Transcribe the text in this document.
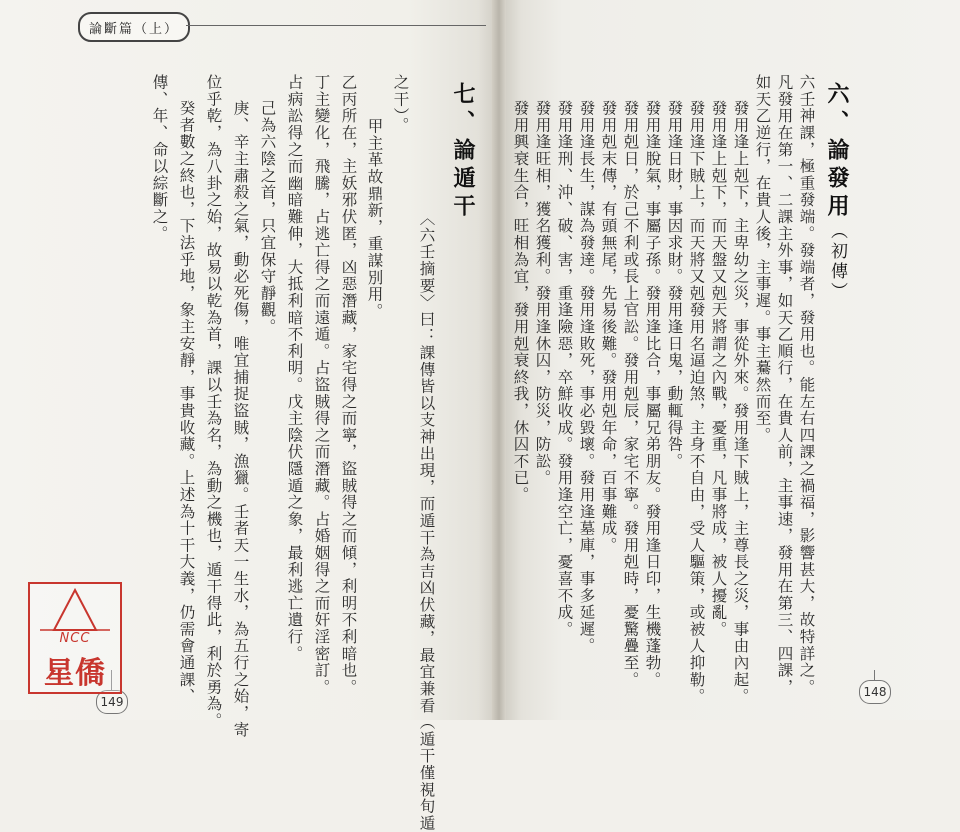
論斷篇（上）
七、論遁干
〈六壬摘要〉曰：課傳皆以支神出現，而遁干為吉凶伏藏，最宜兼看（遁干僅視旬遁
之干）。
甲主革故鼎新，重謀別用。
乙丙所在，主妖邪伏匿，凶惡潛藏，家宅得之而寧，盜賊得之而傾，利明不利暗也。
丁主變化，飛騰，占逃亡得之而遠遁。占盜賊得之而潛藏。占婚姻得之而奸淫密訂。
占病訟得之而幽暗難伸，大抵利暗不利明。戊主陰伏隱遁之象，最利逃亡遺行。
己為六陰之首，只宜保守靜觀。
庚、辛主肅殺之氣，動必死傷，唯宜捕捉盜賊，漁獵。壬者天一生水，為五行之始，寄
位乎乾，為八卦之始，故易以乾為首，課以壬為名，為動之機也，遁干得此，利於勇為。
癸者數之終也，下法乎地，象主安靜，事貴收藏。上述為十干大義，仍需會通課、
傳、年、命以綜斷之。
149
NCC
星僑
六、論發用（初傳）
六壬神課，極重發端。發端者，發用也。能左右四課之禍福，影響甚大，故特詳之。
凡發用在第一、二課主外事，如天乙順行，在貴人前，主事速，發用在第三、四課，
如天乙逆行，在貴人後，主事遲。事主驀然而至。
發用逢上剋下，主卑幼之災，事從外來。發用逢下賊上，主尊長之災，事由內起。
發用逢上剋下，而天盤又剋天將謂之內戰，憂重，凡事將成，被人擾亂。
發用逢下賊上，而天將又剋發用名逼迫煞，主身不自由，受人驅策，或被人抑勒。
發用逢日財，事因求財。發用逢日鬼，動輒得咎。
發用逢脫氣，事屬子孫。發用逢比合，事屬兄弟朋友。發用逢日印，生機蓬勃。
發用剋日，於己不利或長上官訟。發用剋辰，家宅不寧。發用剋時，憂驚疊至。
發用剋末傳，有頭無尾，先易後難。發用剋年命，百事難成。
發用逢長生，謀為發達。發用逢敗死，事必毀壞。發用逢墓庫，事多延遲。
發用逢刑、沖、破、害，重逢險惡，卒鮮收成。發用逢空亡，憂喜不成。
發用逢旺相，獲名獲利。發用逢休囚，防災，防訟。
發用興衰生合，旺相為宜，發用剋衰終我，休囚不已。
148
